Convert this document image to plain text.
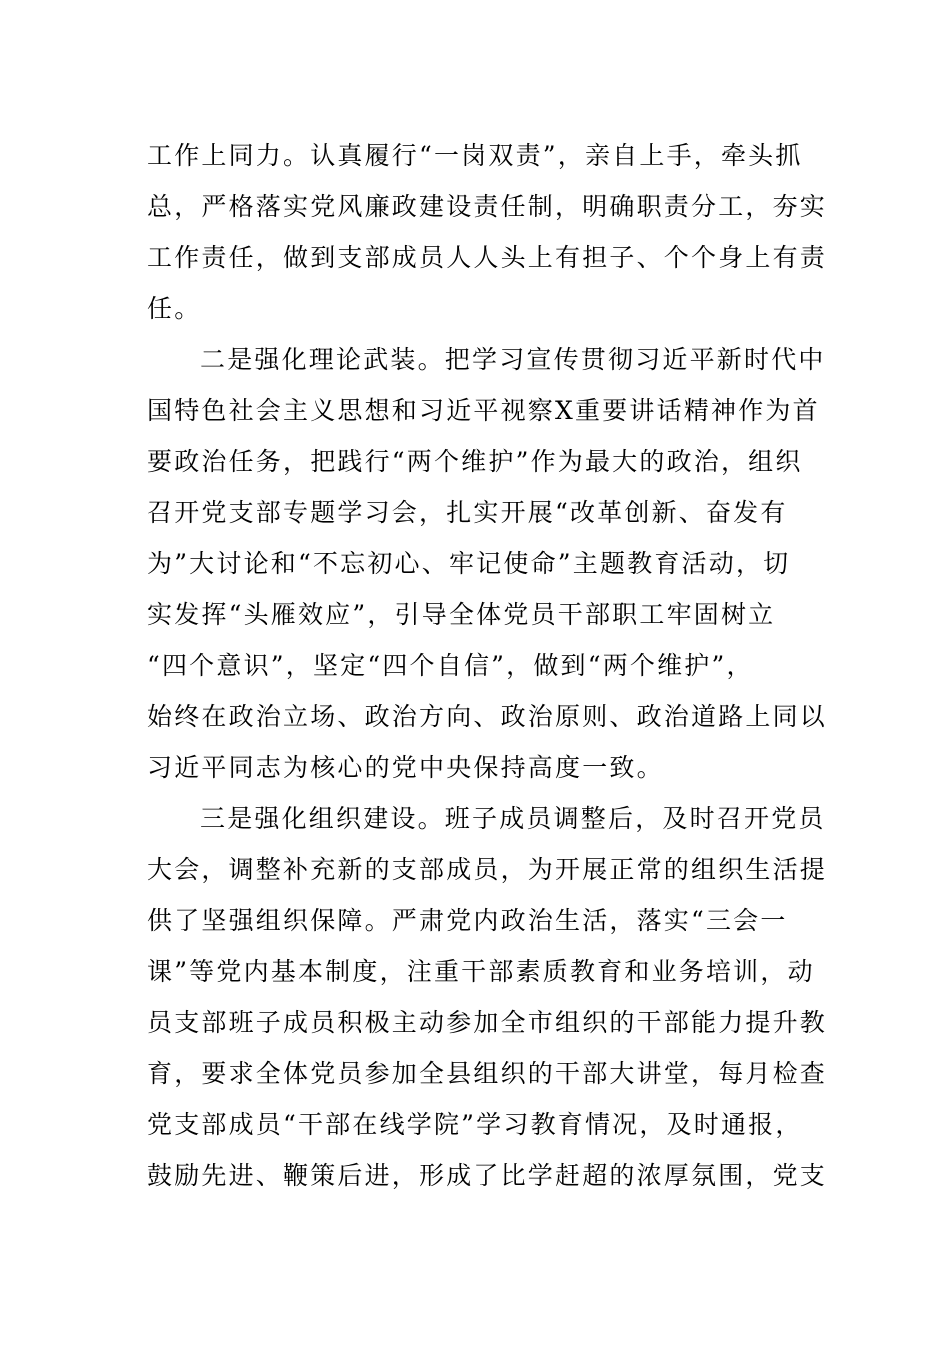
工作上同力。认真履行“一岗双责”，亲自上手，牵头抓
总，严格落实党风廉政建设责任制，明确职责分工，夯实
工作责任，做到支部成员人人头上有担子、个个身上有责
任。
二是强化理论武装。把学习宣传贯彻习近平新时代中
国特色社会主义思想和习近平视察X重要讲话精神作为首
要政治任务，把践行“两个维护”作为最大的政治，组织
召开党支部专题学习会，扎实开展“改革创新、奋发有
为”大讨论和“不忘初心、牢记使命”主题教育活动，切
实发挥“头雁效应”，引导全体党员干部职工牢固树立
“四个意识”，坚定“四个自信”，做到“两个维护”，
始终在政治立场、政治方向、政治原则、政治道路上同以
习近平同志为核心的党中央保持高度一致。
三是强化组织建设。班子成员调整后，及时召开党员
大会，调整补充新的支部成员，为开展正常的组织生活提
供了坚强组织保障。严肃党内政治生活，落实“三会一
课”等党内基本制度，注重干部素质教育和业务培训，动
员支部班子成员积极主动参加全市组织的干部能力提升教
育，要求全体党员参加全县组织的干部大讲堂，每月检查
党支部成员“干部在线学院”学习教育情况，及时通报，
鼓励先进、鞭策后进，形成了比学赶超的浓厚氛围，党支
